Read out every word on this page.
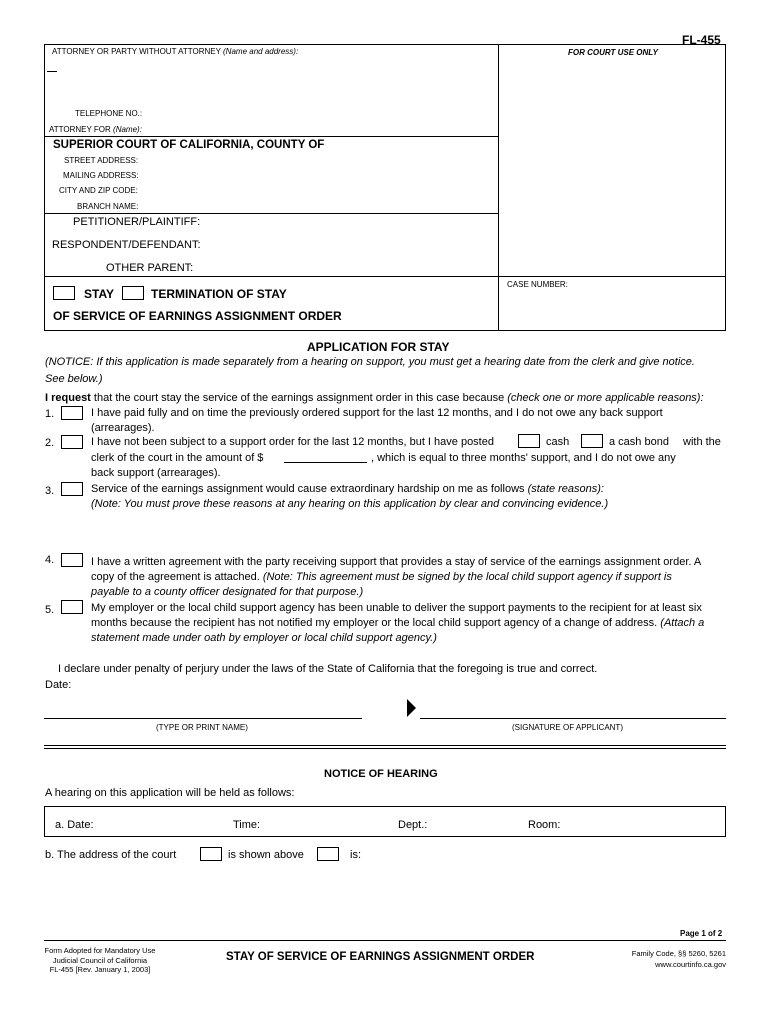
FL-455
ATTORNEY OR PARTY WITHOUT ATTORNEY (Name and address):	FOR COURT USE ONLY
TELEPHONE NO.:
ATTORNEY FOR (Name):
SUPERIOR COURT OF CALIFORNIA, COUNTY OF
STREET ADDRESS:
MAILING ADDRESS:
CITY AND ZIP CODE:
BRANCH NAME:
PETITIONER/PLAINTIFF:
RESPONDENT/DEFENDANT:
OTHER PARENT:
STAY	TERMINATION OF STAY
OF SERVICE OF EARNINGS ASSIGNMENT ORDER
CASE NUMBER:
APPLICATION FOR STAY
(NOTICE: If this application is made separately from a hearing on support, you must get a hearing date from the clerk and give notice.
See below.)
I request that the court stay the service of the earnings assignment order in this case because (check one or more applicable reasons):
1.	I have paid fully and on time the previously ordered support for the last 12 months, and I do not owe any back support
(arrearages).
2.	I have not been subject to a support order for the last 12 months, but I have posted	cash	a cash bond with the
clerk of the court in the amount of $	, which is equal to three months' support, and I do not owe any
back support (arrearages).
3.	Service of the earnings assignment would cause extraordinary hardship on me as follows (state reasons):
(Note: You must prove these reasons at any hearing on this application by clear and convincing evidence.)
4.	I have a written agreement with the party receiving support that provides a stay of service of the earnings assignment order. A
copy of the agreement is attached. (Note: This agreement must be signed by the local child support agency if support is
payable to a county officer designated for that purpose.)
5.	My employer or the local child support agency has been unable to deliver the support payments to the recipient for at least six
months because the recipient has not notified my employer or the local child support agency of a change of address. (Attach a
statement made under oath by employer or local child support agency.)
I declare under penalty of perjury under the laws of the State of California that the foregoing is true and correct.
Date:
(TYPE OR PRINT NAME)	(SIGNATURE OF APPLICANT)
NOTICE OF HEARING
A hearing on this application will be held as follows:
a. Date:	Time:	Dept.:	Room:
b. The address of the court	is shown above	is:
Page 1 of 2
Form Adopted for Mandatory Use
Judicial Council of California
FL-455 [Rev. January 1, 2003]
STAY OF SERVICE OF EARNINGS ASSIGNMENT ORDER	Family Code, §§ 5260, 5261
www.courtinfo.ca.gov
